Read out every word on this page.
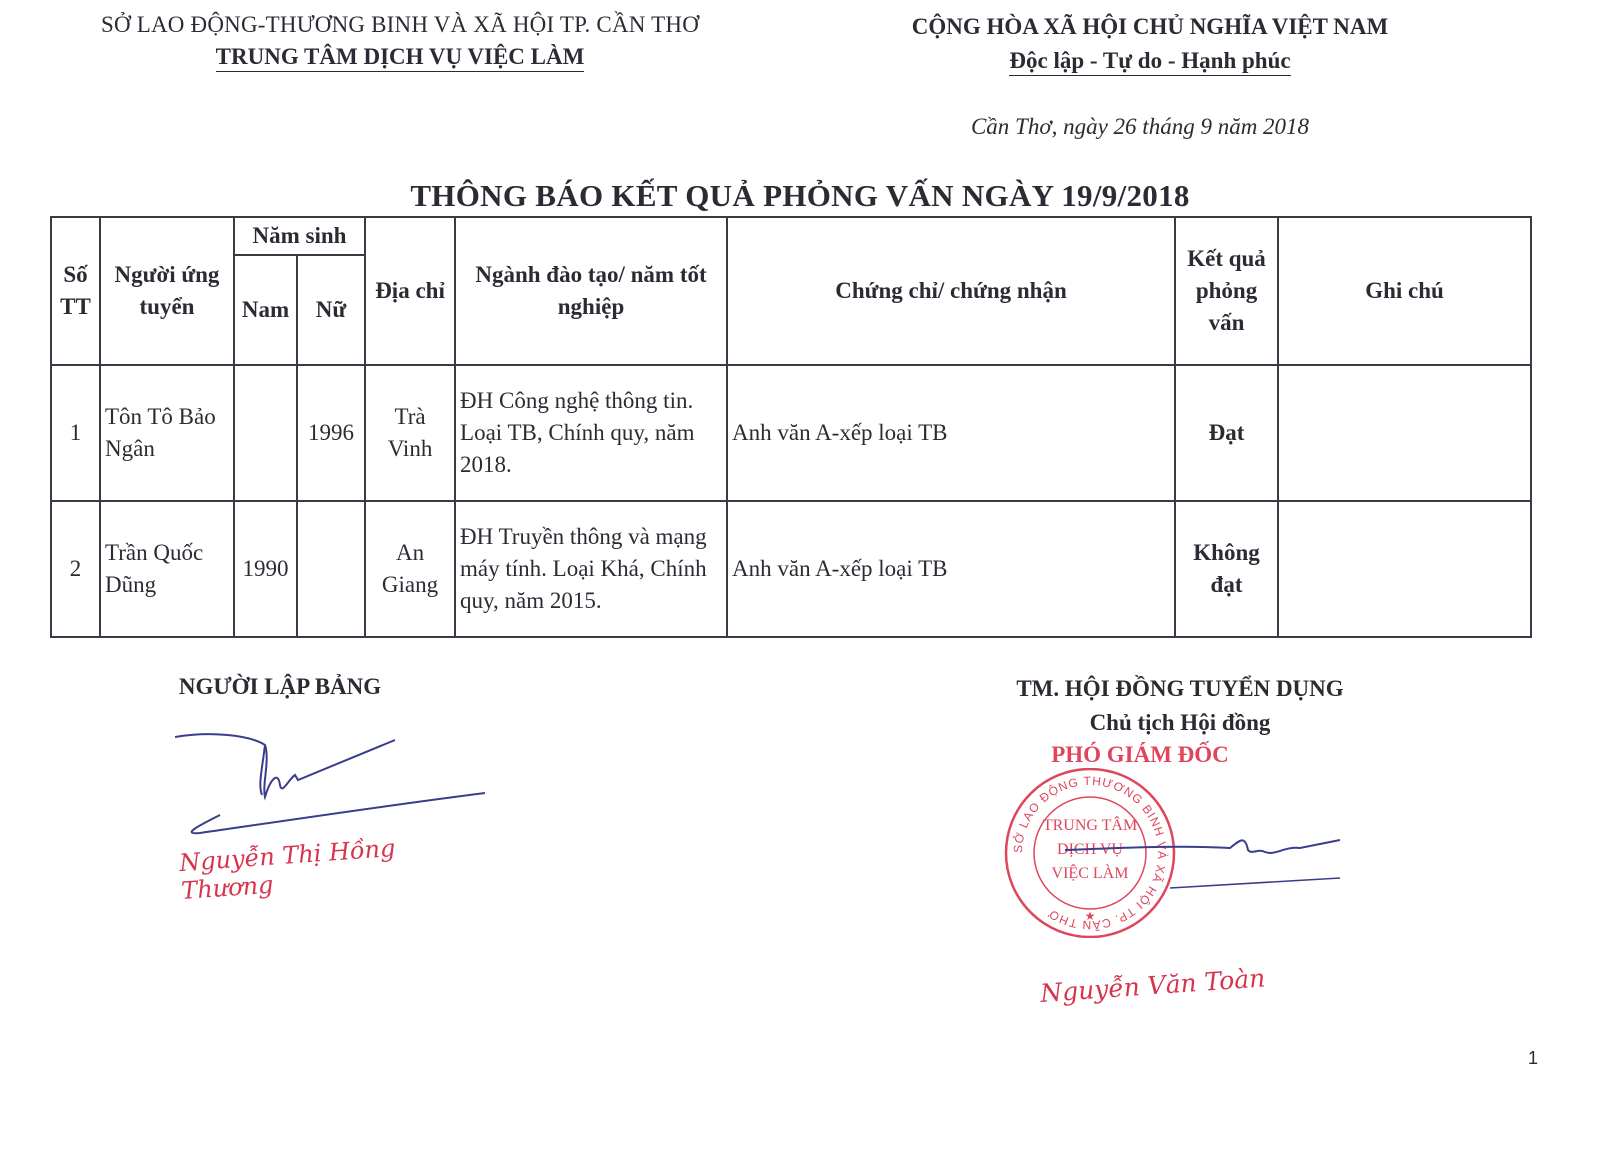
SỞ LAO ĐỘNG-THƯƠNG BINH VÀ XÃ HỘI TP. CẦN THƠ
TRUNG TÂM DỊCH VỤ VIỆC LÀM
CỘNG HÒA XÃ HỘI CHỦ NGHĨA VIỆT NAM
Độc lập - Tự do - Hạnh phúc
Cần Thơ, ngày 26 tháng 9 năm 2018
THÔNG BÁO KẾT QUẢ PHỎNG VẤN NGÀY 19/9/2018
Số TT	Người ứng tuyển	Năm sinh		Địa chỉ	Ngành đào tạo/ năm tốt nghiệp	Chứng chỉ/ chứng nhận	Kết quả phỏng vấn	Ghi chú
		Nam	Nữ					
1	Tôn Tô Bảo Ngân		1996	Trà Vinh	ĐH Công nghệ thông tin. Loại TB, Chính quy, năm 2018.	Anh văn A-xếp loại TB	Đạt	
2	Trần Quốc Dũng	1990		An Giang	ĐH Truyền thông và mạng máy tính. Loại Khá, Chính quy, năm 2015.	Anh văn A-xếp loại TB	Không đạt	
NGƯỜI LẬP BẢNG
Nguyễn Thị Hồng Thương
TM. HỘI ĐỒNG TUYỂN DỤNG
Chủ tịch Hội đồng
PHÓ GIÁM ĐỐC
SỞ LAO ĐỘNG THƯƠNG BINH VÀ XÃ HỘI TP. CẦN THƠ
TRUNG TÂM
DỊCH VỤ
VIỆC LÀM
★
Nguyễn Văn Toàn
1
